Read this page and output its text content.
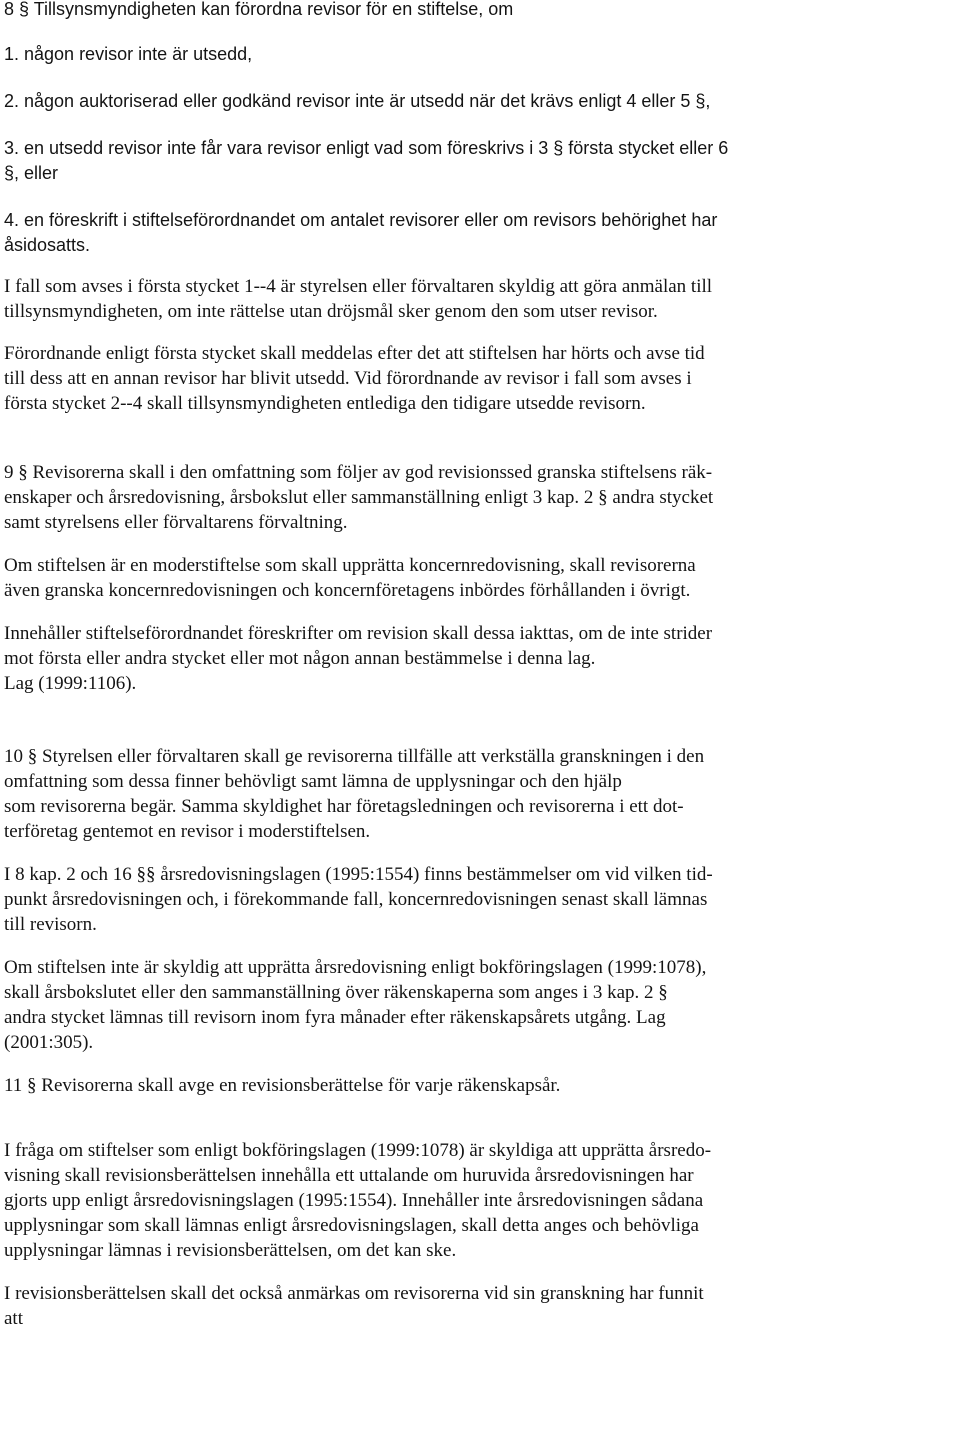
8 § Tillsynsmyndigheten kan förordna revisor för en stiftelse, om

1. någon revisor inte är utsedd,

2. någon auktoriserad eller godkänd revisor inte är utsedd när det krävs enligt 4 eller 5 §,

3. en utsedd revisor inte får vara revisor enligt vad som föreskrivs i 3 § första stycket eller 6
§, eller

4. en föreskrift i stiftelseförordnandet om antalet revisorer eller om revisors behörighet har
åsidosatts.

I fall som avses i första stycket 1--4 är styrelsen eller förvaltaren skyldig att göra anmälan till
tillsynsmyndigheten, om inte rättelse utan dröjsmål sker genom den som utser revisor.

Förordnande enligt första stycket skall meddelas efter det att stiftelsen har hörts och avse tid
till dess att en annan revisor har blivit utsedd. Vid förordnande av revisor i fall som avses i
första stycket 2--4 skall tillsynsmyndigheten entlediga den tidigare utsedde revisorn.

9 § Revisorerna skall i den omfattning som följer av god revisionssed granska stiftelsens räk-
enskaper och årsredovisning, årsbokslut eller sammanställning enligt 3 kap. 2 § andra stycket
samt styrelsens eller förvaltarens förvaltning.

Om stiftelsen är en moderstiftelse som skall upprätta koncernredovisning, skall revisorerna
även granska koncernredovisningen och koncernföretagens inbördes förhållanden i övrigt.

Innehåller stiftelseförordnandet föreskrifter om revision skall dessa iakttas, om de inte strider
mot första eller andra stycket eller mot någon annan bestämmelse i denna lag.
Lag (1999:1106).

10 § Styrelsen eller förvaltaren skall ge revisorerna tillfälle att verkställa granskningen i den
omfattning som dessa finner behövligt samt lämna de upplysningar och den hjälp
som revisorerna begär. Samma skyldighet har företagsledningen och revisorerna i ett dot-
terföretag gentemot en revisor i moderstiftelsen.

I 8 kap. 2 och 16 §§ årsredovisningslagen (1995:1554) finns bestämmelser om vid vilken tid-
punkt årsredovisningen och, i förekommande fall, koncernredovisningen senast skall lämnas
till revisorn.

Om stiftelsen inte är skyldig att upprätta årsredovisning enligt bokföringslagen (1999:1078),
skall årsbokslutet eller den sammanställning över räkenskaperna som anges i 3 kap. 2 §
andra stycket lämnas till revisorn inom fyra månader efter räkenskapsårets utgång. Lag
(2001:305).

11 § Revisorerna skall avge en revisionsberättelse för varje räkenskapsår.

I fråga om stiftelser som enligt bokföringslagen (1999:1078) är skyldiga att upprätta årsredo-
visning skall revisionsberättelsen innehålla ett uttalande om huruvida årsredovisningen har
gjorts upp enligt årsredovisningslagen (1995:1554). Innehåller inte årsredovisningen sådana
upplysningar som skall lämnas enligt årsredovisningslagen, skall detta anges och behövliga
upplysningar lämnas i revisionsberättelsen, om det kan ske.

I revisionsberättelsen skall det också anmärkas om revisorerna vid sin granskning har funnit
att
